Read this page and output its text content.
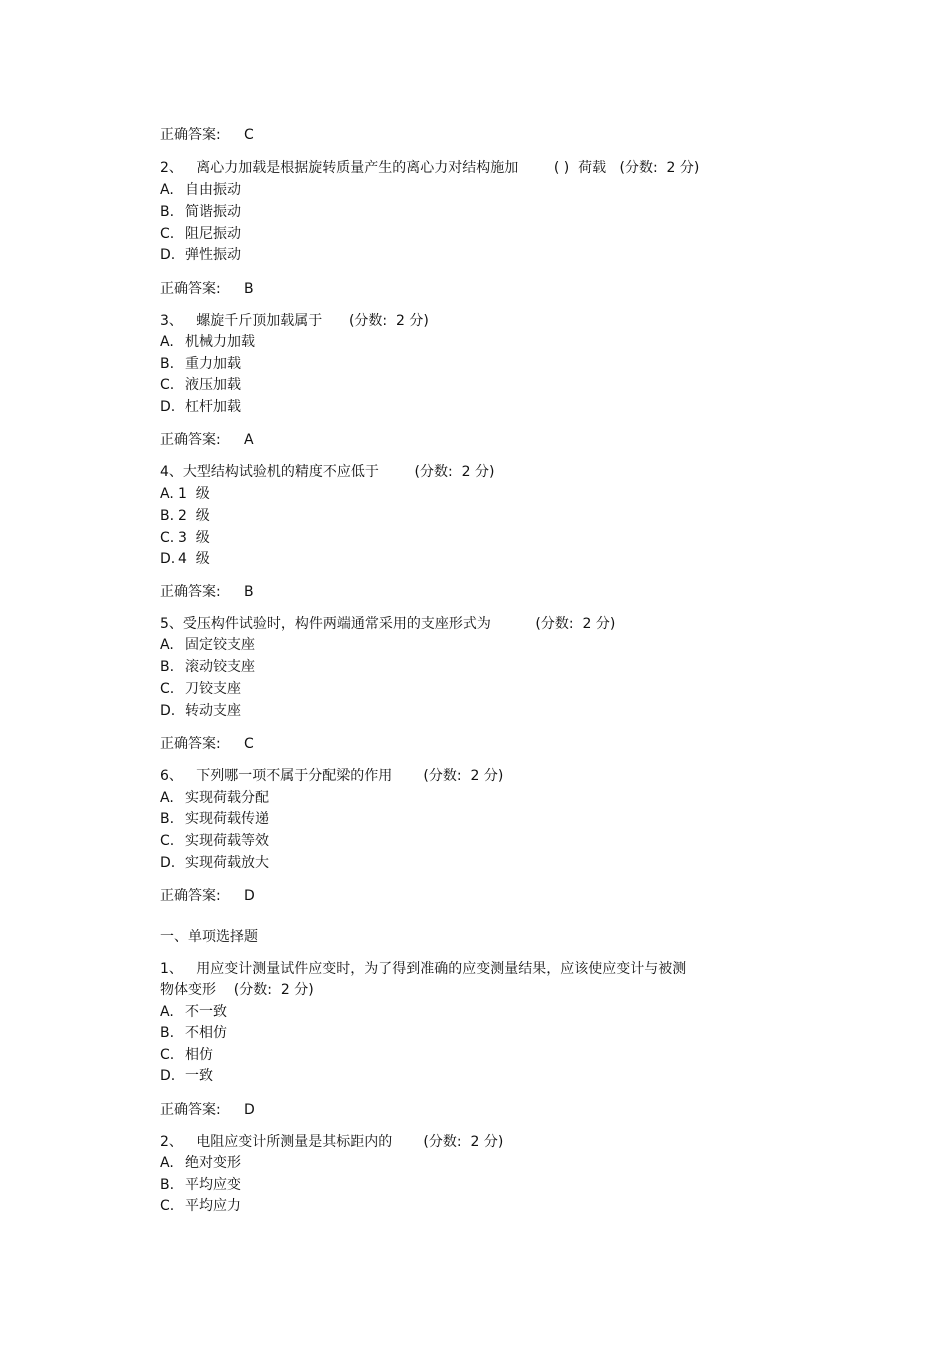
正确答案:	C
2、   离心力加载是根据旋转质量产生的离心力对结构施加        ( )  荷载   (分数:  2 分)
A. 自由振动
B. 简谐振动
C. 阻尼振动
D. 弹性振动
正确答案:	B
3、   螺旋千斤顶加载属于      (分数:  2 分)
A. 机械力加载
B. 重力加载
C. 液压加载
D. 杠杆加载
正确答案:	A
4、大型结构试验机的精度不应低于        (分数:  2 分)
A. 1  级
B. 2  级
C. 3  级
D. 4  级
正确答案:	B
5、受压构件试验时，构件两端通常采用的支座形式为          (分数:  2 分)
A. 固定铰支座
B. 滚动铰支座
C. 刀铰支座
D. 转动支座
正确答案:	C
6、   下列哪一项不属于分配梁的作用       (分数:  2 分)
A. 实现荷载分配
B. 实现荷载传递
C. 实现荷载等效
D. 实现荷载放大
正确答案:	D
一、单项选择题
1、   用应变计测量试件应变时，为了得到准确的应变测量结果，应该使应变计与被测
物体变形    (分数:  2 分)
A. 不一致
B. 不相仿
C. 相仿
D. 一致
正确答案:	D
2、   电阻应变计所测量是其标距内的       (分数:  2 分)
A. 绝对变形
B. 平均应变
C. 平均应力
